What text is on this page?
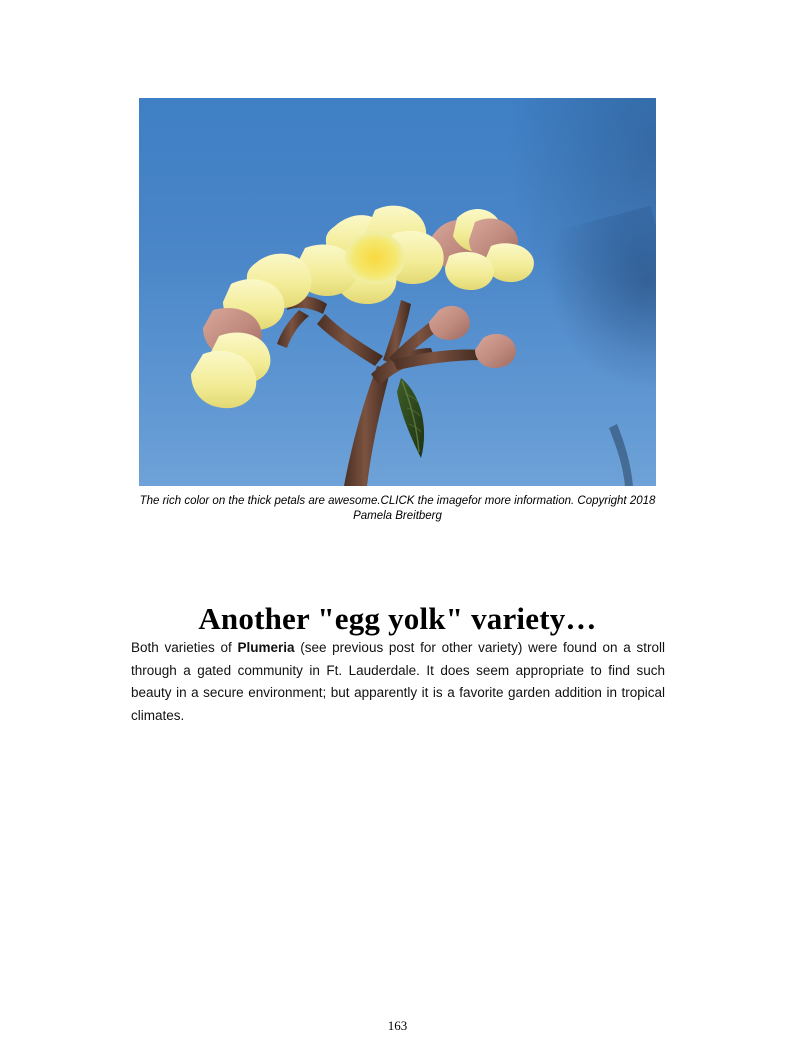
The rich color on the thick petals are awesome.CLICK the imagefor more information. Copyright 2018 Pamela Breitberg
Another "egg yolk" variety…
Both varieties of Plumeria (see previous post for other variety) were found on a stroll through a gated community in Ft. Lauderdale. It does seem appropriate to find such beauty in a secure environment; but apparently it is a favorite garden addition in tropical climates.
163
